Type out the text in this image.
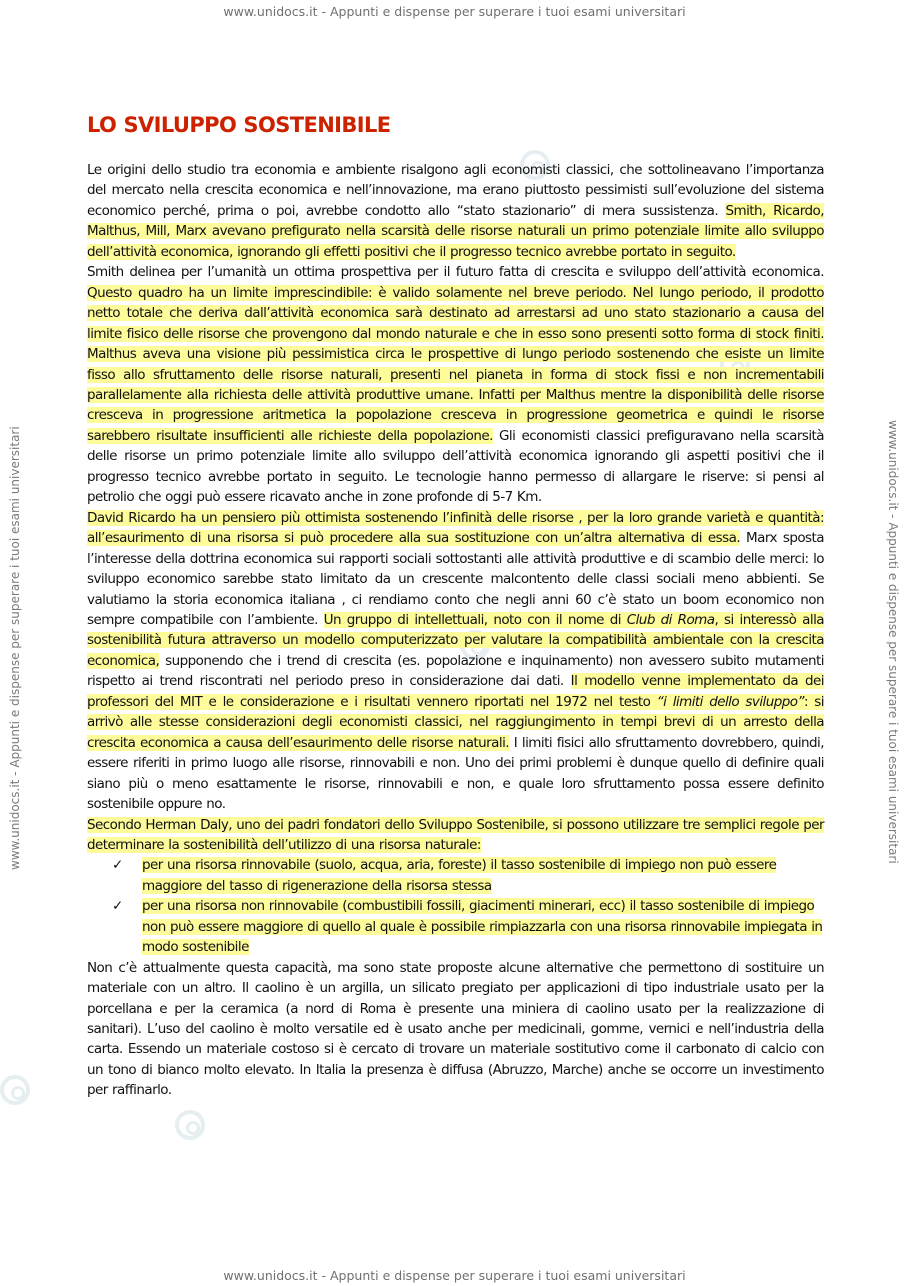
www.unidocs.it - Appunti e dispense per superare i tuoi esami universitari
www.unidocs.it - Appunti e dispense per superare i tuoi esami universitari
www.unidocs.it - Appunti e dispense per superare i tuoi esami universitari	www.unidocs.it - Appunti e dispense per superare i tuoi esami universitari
LO SVILUPPO SOSTENIBILE

Le origini dello studio tra economia e ambiente risalgono agli economisti classici, che sottolineavano l’importanza del mercato nella crescita economica e nell’innovazione, ma erano piuttosto pessimisti sull’evoluzione del sistema economico perché, prima o poi, avrebbe condotto allo “stato stazionario” di mera sussistenza. Smith, Ricardo, Malthus, Mill, Marx avevano prefigurato nella scarsità delle risorse naturali un primo potenziale limite allo sviluppo dell’attività economica, ignorando gli effetti positivi che il progresso tecnico avrebbe portato in seguito.

Smith delinea per l’umanità un ottima prospettiva per il futuro fatta di crescita e sviluppo dell’attività economica. Questo quadro ha un limite imprescindibile: è valido solamente nel breve periodo. Nel lungo periodo, il prodotto netto totale che deriva dall’attività economica sarà destinato ad arrestarsi ad uno stato stazionario a causa del limite fisico delle risorse che provengono dal mondo naturale e che in esso sono presenti sotto forma di stock finiti. Malthus aveva una visione più pessimistica circa le prospettive di lungo periodo sostenendo che esiste un limite fisso allo sfruttamento delle risorse naturali, presenti nel pianeta in forma di stock fissi e non incrementabili parallelamente alla richiesta delle attività produttive umane. Infatti per Malthus mentre la disponibilità delle risorse cresceva in progressione aritmetica la popolazione cresceva in progressione geometrica e quindi le risorse sarebbero risultate insufficienti alle richieste della popolazione. Gli economisti classici prefiguravano nella scarsità delle risorse un primo potenziale limite allo sviluppo dell’attività economica ignorando gli aspetti positivi che il progresso tecnico avrebbe portato in seguito. Le tecnologie hanno permesso di allargare le riserve: si pensi al petrolio che oggi può essere ricavato anche in zone profonde di 5-7 Km.

David Ricardo ha un pensiero più ottimista sostenendo l’infinità delle risorse , per la loro grande varietà e quantità: all’esaurimento di una risorsa si può procedere alla sua sostituzione con un’altra alternativa di essa. Marx sposta l’interesse della dottrina economica sui rapporti sociali sottostanti alle attività produttive e di scambio delle merci: lo sviluppo economico sarebbe stato limitato da un crescente malcontento delle classi sociali meno abbienti. Se valutiamo la storia economica italiana , ci rendiamo conto che negli anni 60 c’è stato un boom economico non sempre compatibile con l’ambiente. Un gruppo di intellettuali, noto con il nome di Club di Roma, si interessò alla sostenibilità futura attraverso un modello computerizzato per valutare la compatibilità ambientale con la crescita economica, supponendo che i trend di crescita (es. popolazione e inquinamento) non avessero subito mutamenti rispetto ai trend riscontrati nel periodo preso in considerazione dai dati. Il modello venne implementato da dei professori del MIT e le considerazione e i risultati vennero riportati nel 1972 nel testo “i limiti dello sviluppo”: si arrivò alle stesse considerazioni degli economisti classici, nel raggiungimento in tempi brevi di un arresto della crescita economica a causa dell’esaurimento delle risorse naturali. I limiti fisici allo sfruttamento dovrebbero, quindi, essere riferiti in primo luogo alle risorse, rinnovabili e non. Uno dei primi problemi è dunque quello di definire quali siano più o meno esattamente le risorse, rinnovabili e non, e quale loro sfruttamento possa essere definito sostenibile oppure no.

Secondo Herman Daly, uno dei padri fondatori dello Sviluppo Sostenibile, si possono utilizzare tre semplici regole per determinare la sostenibilità dell’utilizzo di una risorsa naturale:

✓ per una risorsa rinnovabile (suolo, acqua, aria, foreste) il tasso sostenibile di impiego non può essere maggiore del tasso di rigenerazione della risorsa stessa
✓ per una risorsa non rinnovabile (combustibili fossili, giacimenti minerari, ecc) il tasso sostenibile di impiego non può essere maggiore di quello al quale è possibile rimpiazzarla con una risorsa rinnovabile impiegata in modo sostenibile

Non c’è attualmente questa capacità, ma sono state proposte alcune alternative che permettono di sostituire un materiale con un altro. Il caolino è un argilla, un silicato pregiato per applicazioni di tipo industriale usato per la porcellana e per la ceramica (a nord di Roma è presente una miniera di caolino usato per la realizzazione di sanitari). L’uso del caolino è molto versatile ed è usato anche per medicinali, gomme, vernici e nell’industria della carta. Essendo un materiale costoso si è cercato di trovare un materiale sostitutivo come il carbonato di calcio con un tono di bianco molto elevato. In Italia la presenza è diffusa (Abruzzo, Marche) anche se occorre un investimento per raffinarlo.
